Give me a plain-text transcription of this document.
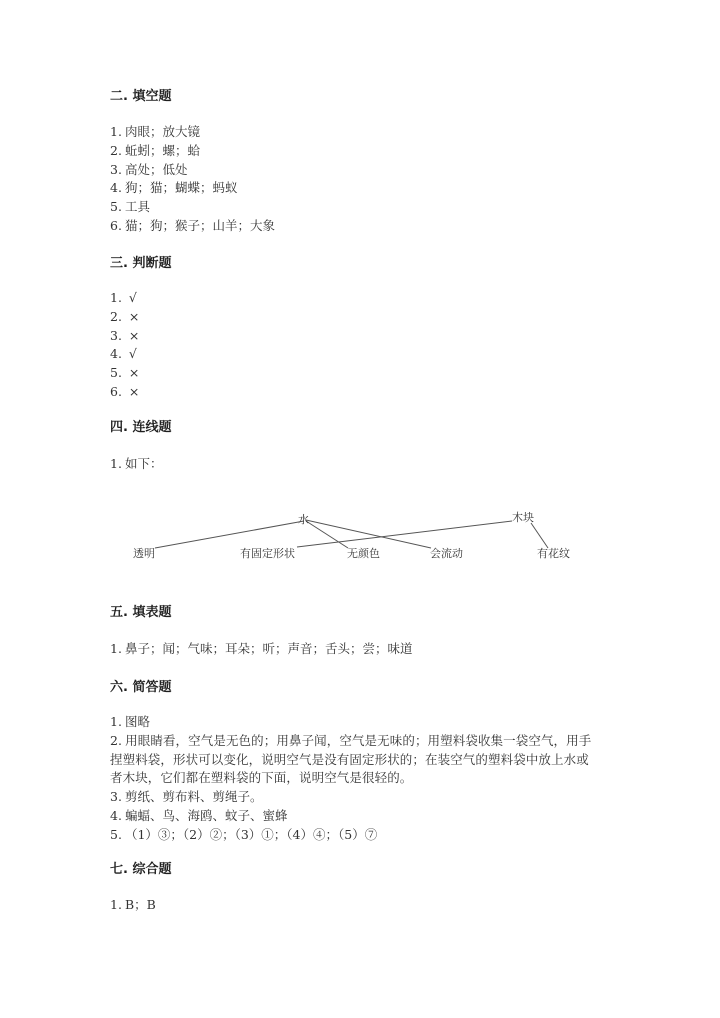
二. 填空题
1. 肉眼；放大镜
2. 蚯蚓；螺；蛤
3. 高处；低处
4. 狗；猫；蝴蝶；蚂蚁
5. 工具
6. 猫；狗；猴子；山羊；大象
三. 判断题
1. √
2. ×
3. ×
4. √
5. ×
6. ×
四. 连线题
1. 如下：
水	木块
透明	有固定形状	无颜色	会流动	有花纹
五. 填表题
1. 鼻子；闻；气味；耳朵；听；声音；舌头；尝；味道
六. 简答题
1. 图略
2. 用眼睛看，空气是无色的；用鼻子闻，空气是无味的；用塑料袋收集一袋空气，用手捏塑料袋，形状可以变化，说明空气是没有固定形状的；在装空气的塑料袋中放上水或者木块，它们都在塑料袋的下面，说明空气是很轻的。
3. 剪纸、剪布料、剪绳子。
4. 蝙蝠、鸟、海鸥、蚊子、蜜蜂
5. （1）③；（2）②；（3）①；（4）④；（5）⑦
七. 综合题
1. B；B
